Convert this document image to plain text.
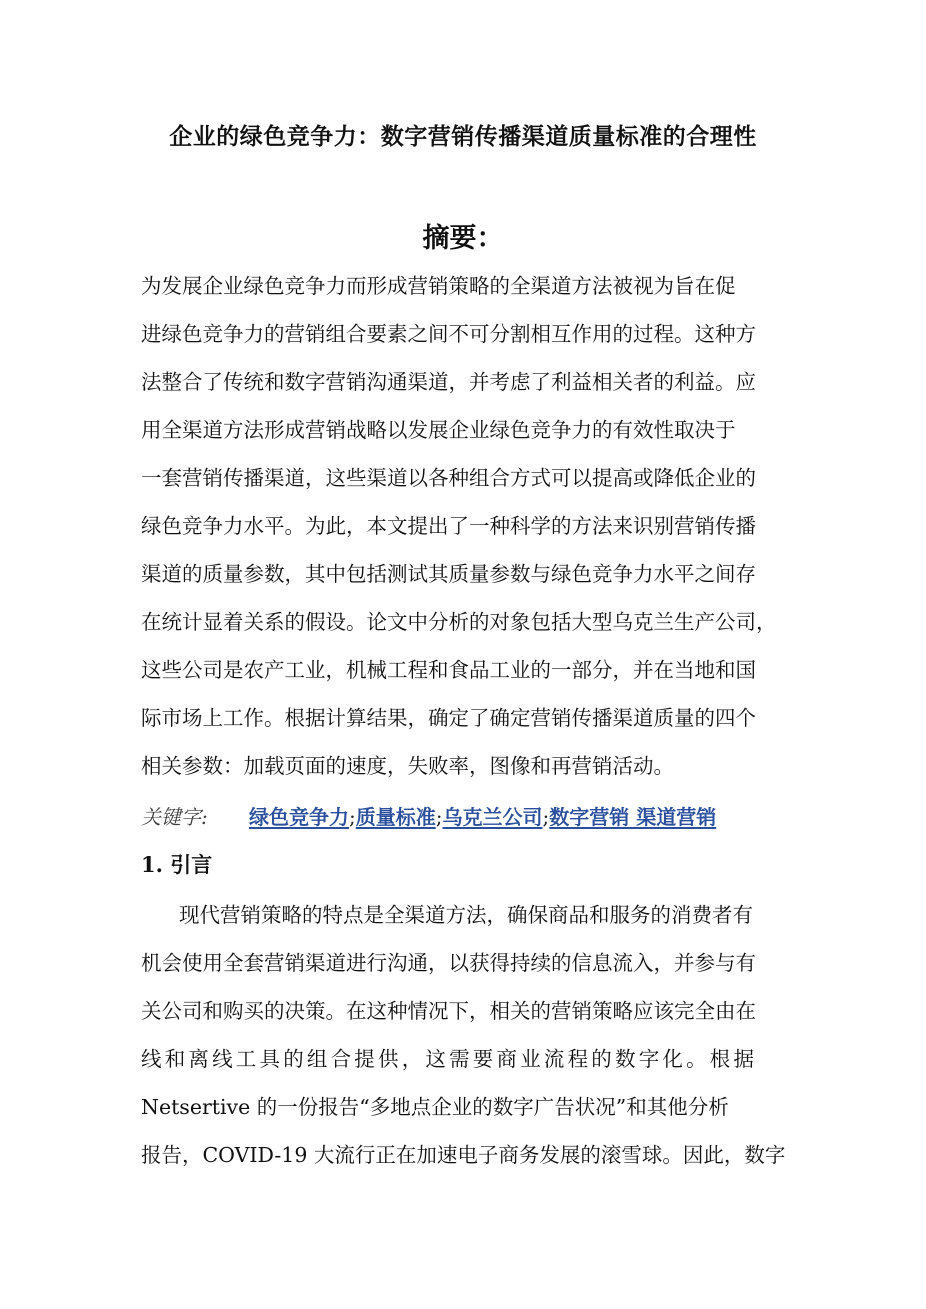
企业的绿色竞争力：数字营销传播渠道质量标准的合理性
摘要：
为发展企业绿色竞争力而形成营销策略的全渠道方法被视为旨在促
进绿色竞争力的营销组合要素之间不可分割相互作用的过程。这种方
法整合了传统和数字营销沟通渠道，并考虑了利益相关者的利益。应
用全渠道方法形成营销战略以发展企业绿色竞争力的有效性取决于
一套营销传播渠道，这些渠道以各种组合方式可以提高或降低企业的
绿色竞争力水平。为此，本文提出了一种科学的方法来识别营销传播
渠道的质量参数，其中包括测试其质量参数与绿色竞争力水平之间存
在统计显着关系的假设。论文中分析的对象包括大型乌克兰生产公司，
这些公司是农产工业，机械工程和食品工业的一部分，并在当地和国
际市场上工作。根据计算结果，确定了确定营销传播渠道质量的四个
相关参数：加载页面的速度，失败率，图像和再营销活动。
关键字: 绿色竞争力;质量标准;乌克兰公司;数字营销 渠道营销
1. 引言
现代营销策略的特点是全渠道方法，确保商品和服务的消费者有
机会使用全套营销渠道进行沟通，以获得持续的信息流入，并参与有
关公司和购买的决策。在这种情况下，相关的营销策略应该完全由在
线和离线工具的组合提供，这需要商业流程的数字化。根据
Netsertive 的一份报告“多地点企业的数字广告状况”和其他分析
报告，COVID-19 大流行正在加速电子商务发展的滚雪球。因此，数字
